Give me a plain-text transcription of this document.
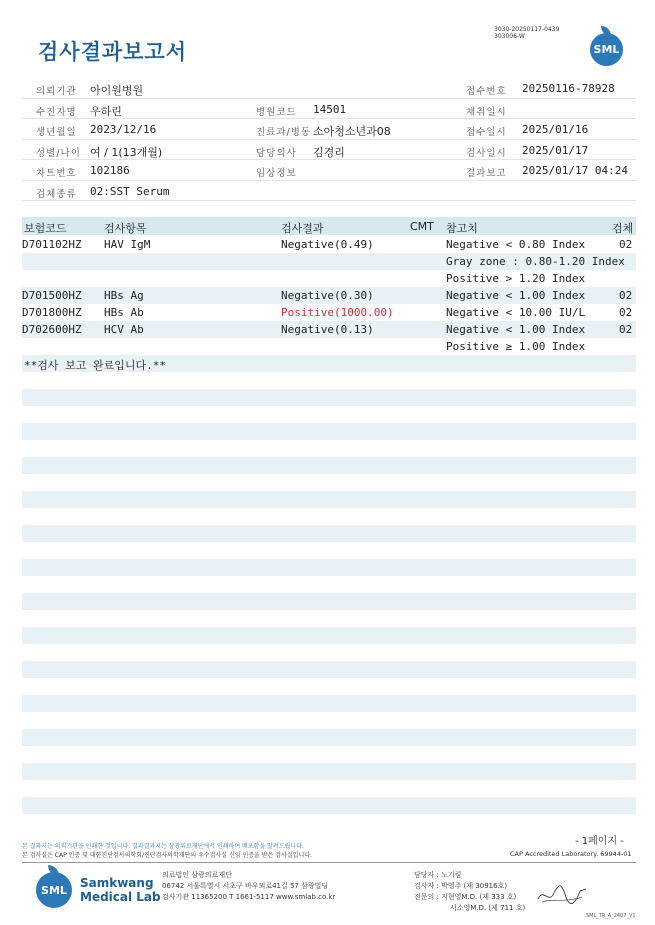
검사결과보고서
3030-20250117-0439
303006-W
SML
의뢰기관 아이원병원	접수번호 20250116-78928
수진자명 우하린	병원코드 14501	채취일시
생년월일 2023/12/16	진료과/병동 소아청소년과08	접수일시 2025/01/16
성별/나이 여 / 1(13개월)	담당의사 김경리	검사일시 2025/01/17
차트번호 102186	임상정보	결과보고 2025/01/17 04:24
검체종류 02:SST Serum
보험코드	검사항목	검사결과	CMT 참고치	검체
D701102HZ HAV IgM	Negative(0.49)	Negative < 0.80 Index	02
Gray zone : 0.80-1.20 Index
Positive > 1.20 Index
D701500HZ HBs Ag	Negative(0.30)	Negative < 1.00 Index	02
D701800HZ HBs Ab	Positive(1000.00)	Negative < 10.00 IU/L	02
D702600HZ HCV Ab	Negative(0.13)	Negative < 1.00 Index	02
Positive ≥ 1.00 Index
**검사 보고 완료입니다.**
- 1페이지 -
본 결과지는 의뢰기관을 인쇄한 것입니다. 결과결과지는 삼광의료재단에서 인쇄하여 배포함을 알려드립니다.
본 검사실은 CAP 인증 및 대한진단검사의학회/진단검사의학재단의 우수검사실 신임 인증을 받은 검사실입니다.	CAP Accredited Laboratory. 69944-01
SML Samkwang
Medical Lab
의료법인 삼광의료재단
06742 서울특별시 서초구 바우뫼로41길 57 삼광빌딩
검사기관 11365200 T 1661-5117 www.smlab.co.kr
담당자 : 노기림
검사자 : 박영주 (제 30916호)
전문의 : 지현영M.D. (제 333 호)
서소영M.D. (제 711 호)
SML_TR_A_2407_V1
